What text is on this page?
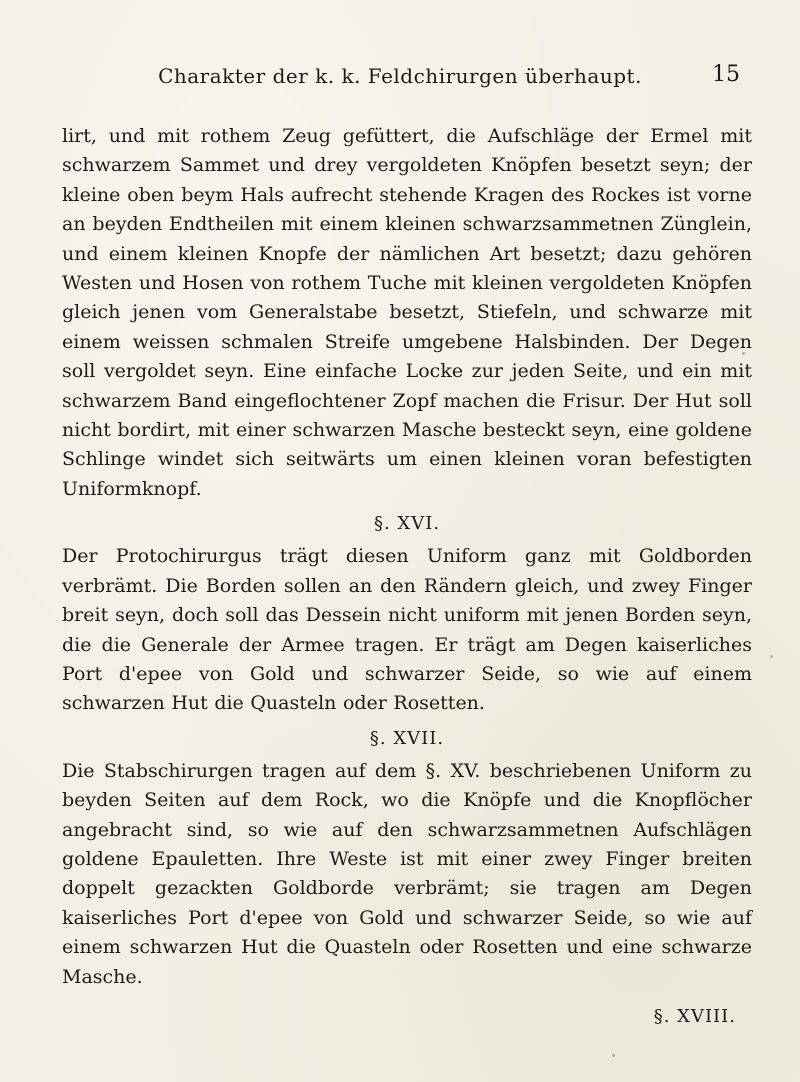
Charakter der k. k. Feldchirurgen überhaupt.	15

lirt, und mit rothem Zeug gefüttert, die Aufschläge der Ermel mit schwarzem Sammet und drey vergoldeten Knöpfen besetzt seyn; der kleine oben beym Hals aufrecht stehende Kragen des Rockes ist vorne an beyden Endtheilen mit einem kleinen schwarzsammetnen Zünglein, und einem kleinen Knopfe der nämlichen Art besetzt; dazu gehören Westen und Hosen von rothem Tuche mit kleinen vergoldeten Knöpfen gleich jenen vom Generalstabe besetzt, Stiefeln, und schwarze mit einem weissen schmalen Streife umgebene Halsbinden. Der Degen soll vergoldet seyn. Eine einfache Locke zur jeden Seite, und ein mit schwarzem Band eingeflochtener Zopf machen die Frisur. Der Hut soll nicht bordirt, mit einer schwarzen Masche besteckt seyn, eine goldene Schlinge windet sich seitwärts um einen kleinen voran befestigten Uniformknopf.

§. XVI.

Der Protochirurgus trägt diesen Uniform ganz mit Goldborden verbrämt. Die Borden sollen an den Rändern gleich, und zwey Finger breit seyn, doch soll das Dessein nicht uniform mit jenen Borden seyn, die die Generale der Armee tragen. Er trägt am Degen kaiserliches Port d'epee von Gold und schwarzer Seide, so wie auf einem schwarzen Hut die Quasteln oder Rosetten.

§. XVII.

Die Stabschirurgen tragen auf dem §. XV. beschriebenen Uniform zu beyden Seiten auf dem Rock, wo die Knöpfe und die Knopflöcher angebracht sind, so wie auf den schwarzsammetnen Aufschlägen goldene Epauletten. Ihre Weste ist mit einer zwey Finger breiten doppelt gezackten Goldborde verbrämt; sie tragen am Degen kaiserliches Port d'epee von Gold und schwarzer Seide, so wie auf einem schwarzen Hut die Quasteln oder Rosetten und eine schwarze Masche.

§. XVIII.
